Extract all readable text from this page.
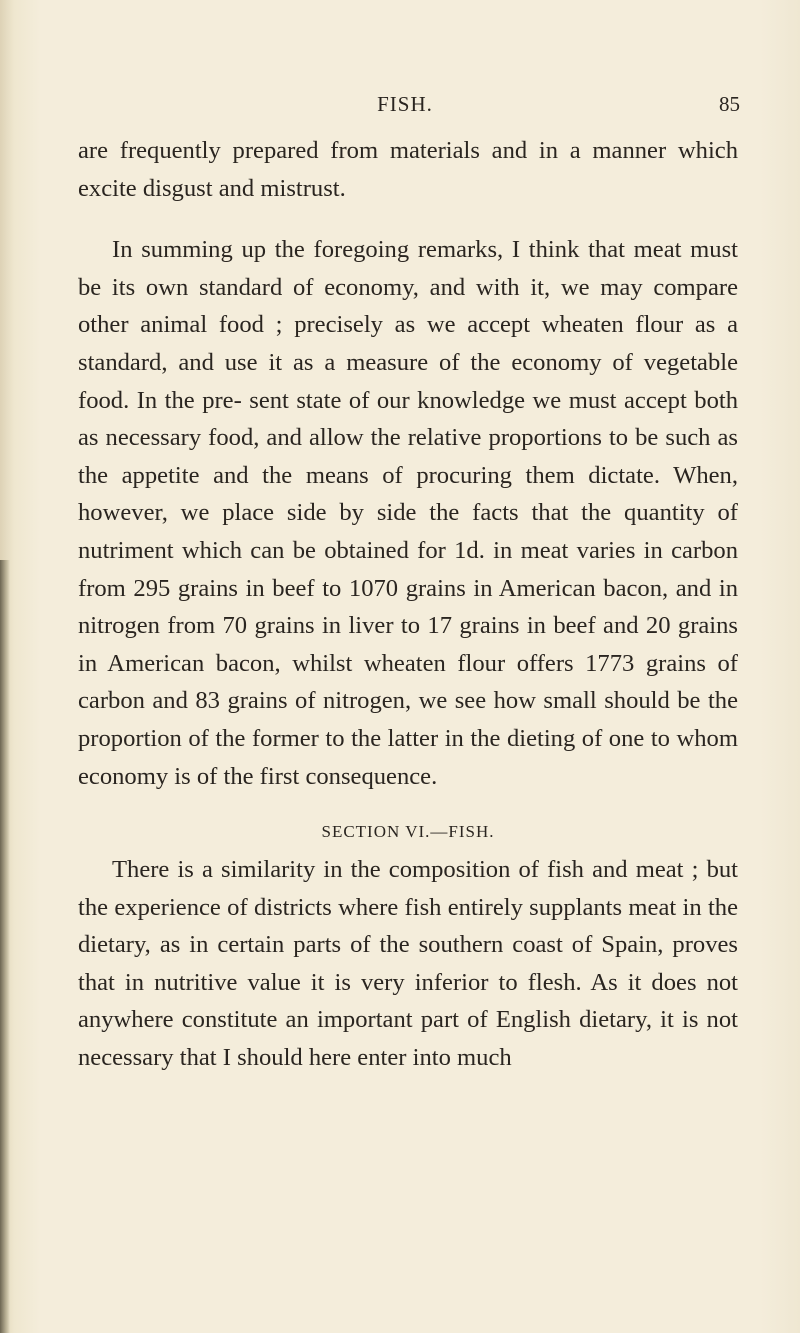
FISH.	85

are frequently prepared from materials and in a manner which excite disgust and mistrust.

In summing up the foregoing remarks, I think that meat must be its own standard of economy, and with it, we may compare other animal food ; precisely as we accept wheaten flour as a standard, and use it as a measure of the economy of vegetable food. In the pre- sent state of our knowledge we must accept both as necessary food, and allow the relative proportions to be such as the appetite and the means of procuring them dictate. When, however, we place side by side the facts that the quantity of nutriment which can be obtained for 1d. in meat varies in carbon from 295 grains in beef to 1070 grains in American bacon, and in nitrogen from 70 grains in liver to 17 grains in beef and 20 grains in American bacon, whilst wheaten flour offers 1773 grains of carbon and 83 grains of nitrogen, we see how small should be the proportion of the former to the latter in the dieting of one to whom economy is of the first consequence.

SECTION VI.—FISH.

There is a similarity in the composition of fish and meat ; but the experience of districts where fish entirely supplants meat in the dietary, as in certain parts of the southern coast of Spain, proves that in nutritive value it is very inferior to flesh. As it does not anywhere constitute an important part of English dietary, it is not necessary that I should here enter into much
